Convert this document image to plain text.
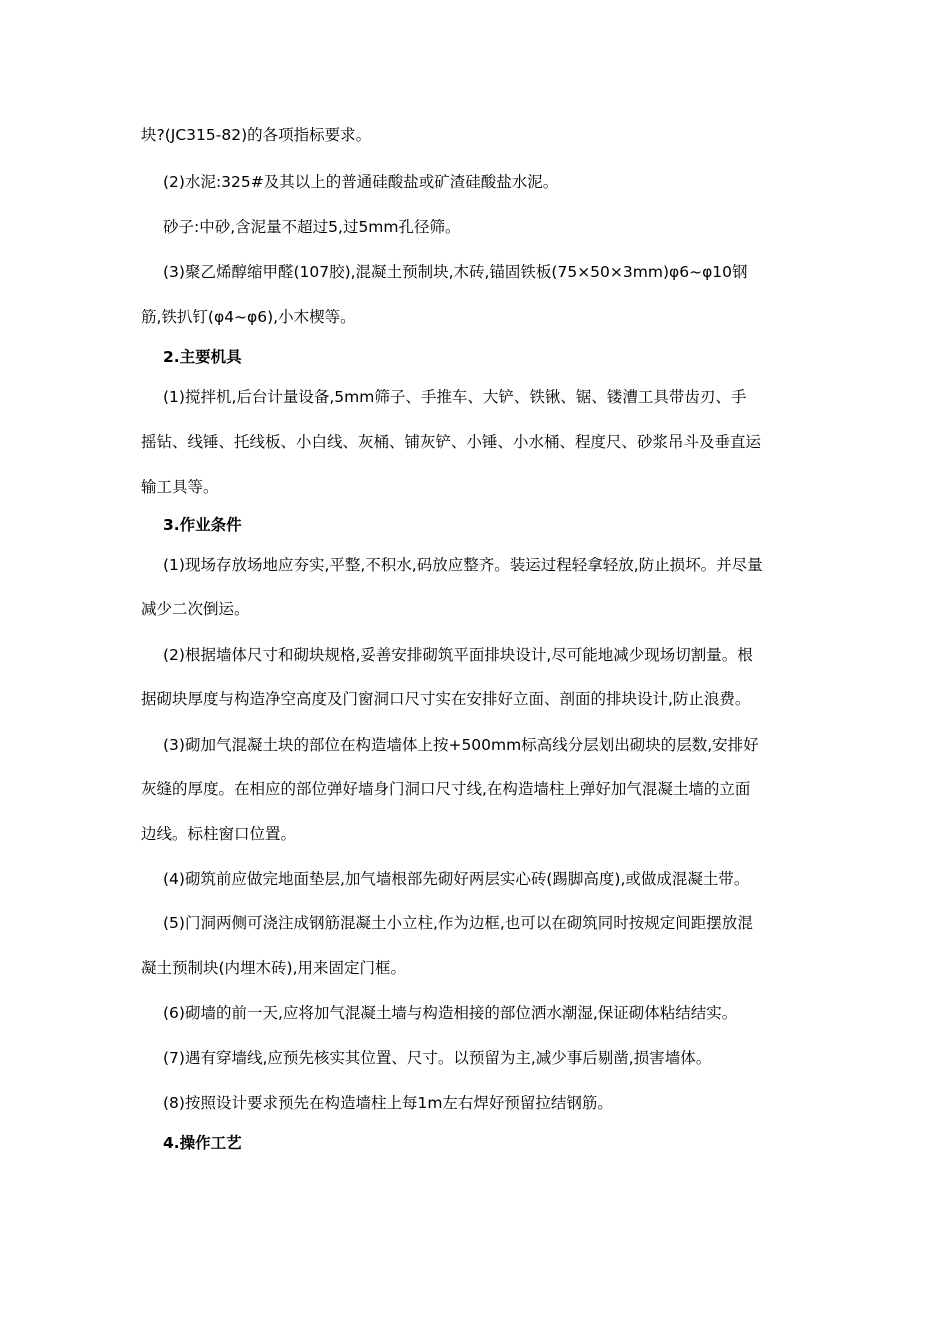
块?(JC315-82)的各项指标要求。
(2)水泥:325#及其以上的普通硅酸盐或矿渣硅酸盐水泥。
砂子:中砂,含泥量不超过5,过5mm孔径筛。
(3)聚乙烯醇缩甲醛(107胶),混凝土预制块,木砖,锚固铁板(75×50×3mm)φ6~φ10钢
筋,铁扒钉(φ4~φ6),小木楔等。
2.主要机具
(1)搅拌机,后台计量设备,5mm筛子、手推车、大铲、铁锹、锯、镂漕工具带齿刃、手
摇钻、线锤、托线板、小白线、灰桶、铺灰铲、小锤、小水桶、程度尺、砂浆吊斗及垂直运
输工具等。
3.作业条件
(1)现场存放场地应夯实,平整,不积水,码放应整齐。装运过程轻拿轻放,防止损坏。并尽量
减少二次倒运。
(2)根据墙体尺寸和砌块规格,妥善安排砌筑平面排块设计,尽可能地减少现场切割量。根
据砌块厚度与构造净空高度及门窗洞口尺寸实在安排好立面、剖面的排块设计,防止浪费。
(3)砌加气混凝土块的部位在构造墙体上按+500mm标高线分层划出砌块的层数,安排好
灰缝的厚度。在相应的部位弹好墙身门洞口尺寸线,在构造墙柱上弹好加气混凝土墙的立面
边线。标柱窗口位置。
(4)砌筑前应做完地面垫层,加气墙根部先砌好两层实心砖(踢脚高度),或做成混凝土带。
(5)门洞两侧可浇注成钢筋混凝土小立柱,作为边框,也可以在砌筑同时按规定间距摆放混
凝土预制块(内埋木砖),用来固定门框。
(6)砌墙的前一天,应将加气混凝土墙与构造相接的部位洒水潮湿,保证砌体粘结结实。
(7)遇有穿墙线,应预先核实其位置、尺寸。以预留为主,减少事后剔凿,损害墙体。
(8)按照设计要求预先在构造墙柱上每1m左右焊好预留拉结钢筋。
4.操作工艺
